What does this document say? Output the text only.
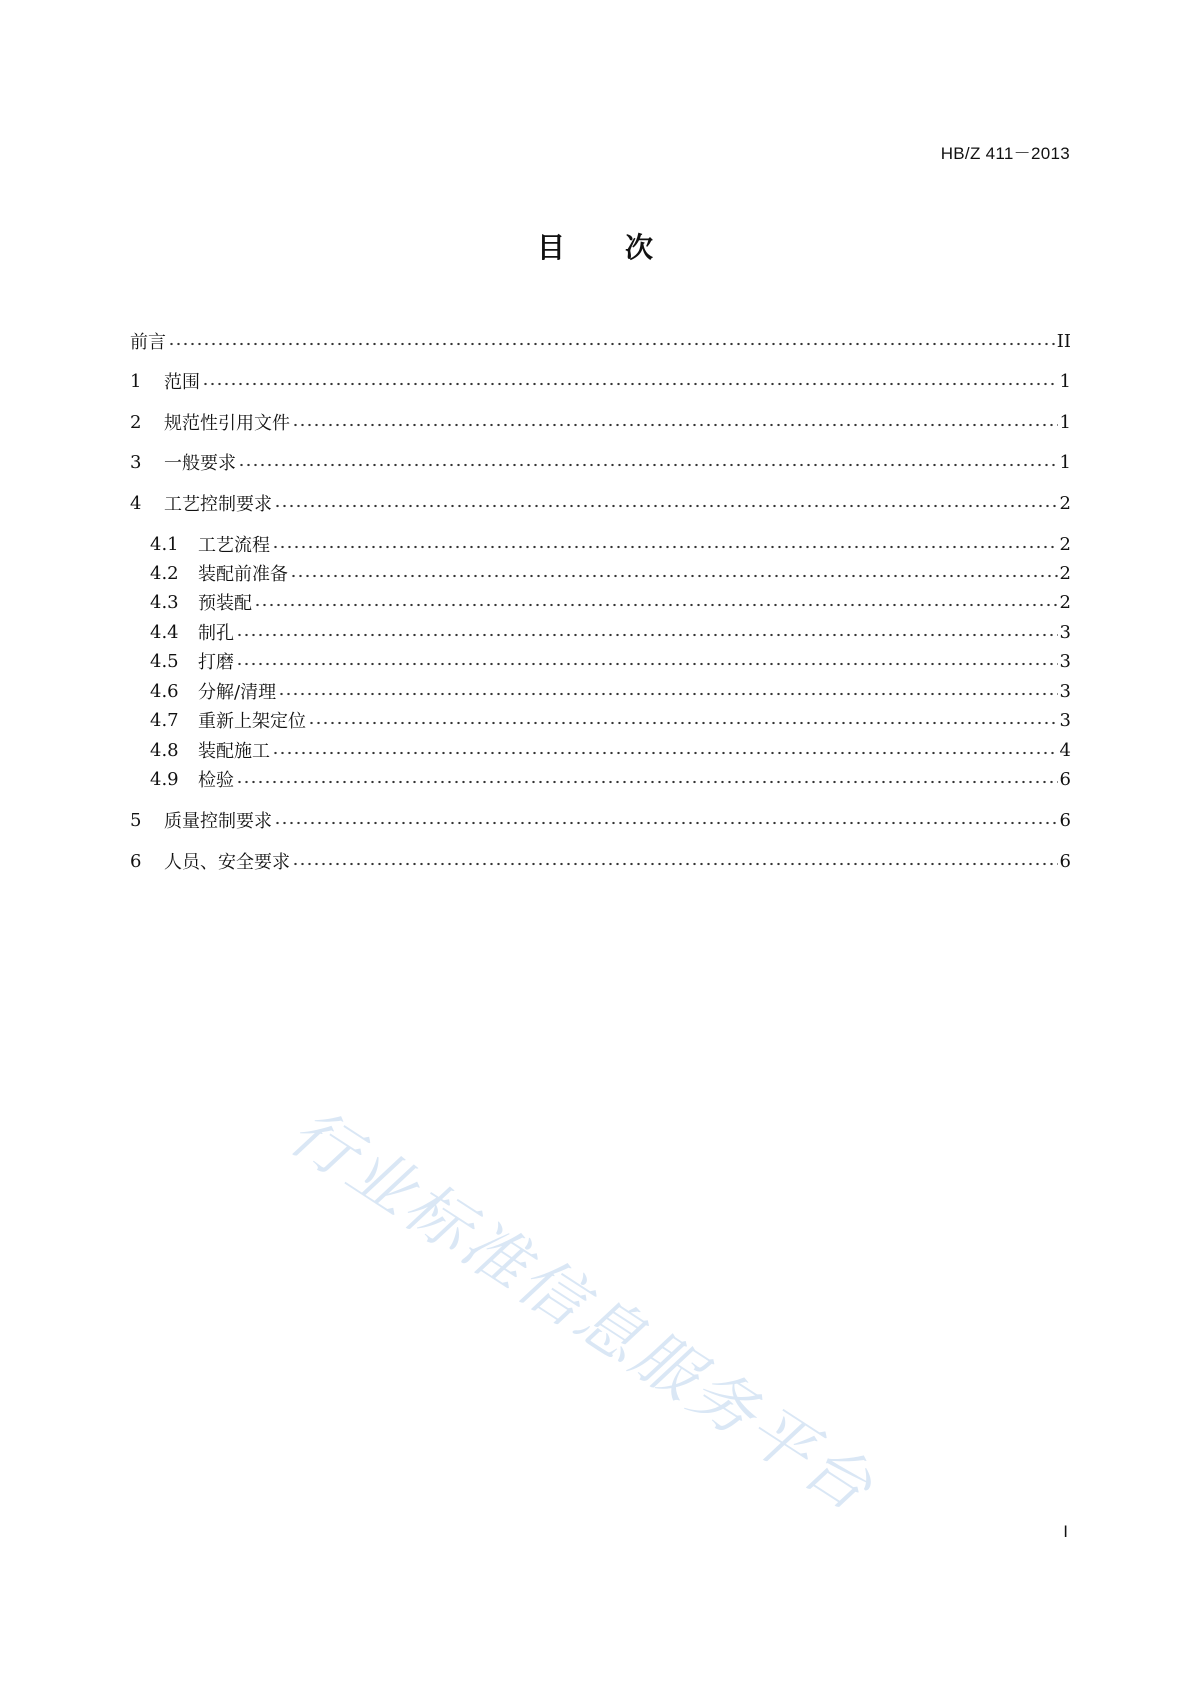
HB/Z 411－2013
目次
前言	II
1	范围	1
2	规范性引用文件	1
3	一般要求	1
4	工艺控制要求	2
4.1	工艺流程	2
4.2	装配前准备	2
4.3	预装配	2
4.4	制孔	3
4.5	打磨	3
4.6	分解/清理	3
4.7	重新上架定位	3
4.8	装配施工	4
4.9	检验	6
5	质量控制要求	6
6	人员、安全要求	6
行业标准信息服务平台
I
